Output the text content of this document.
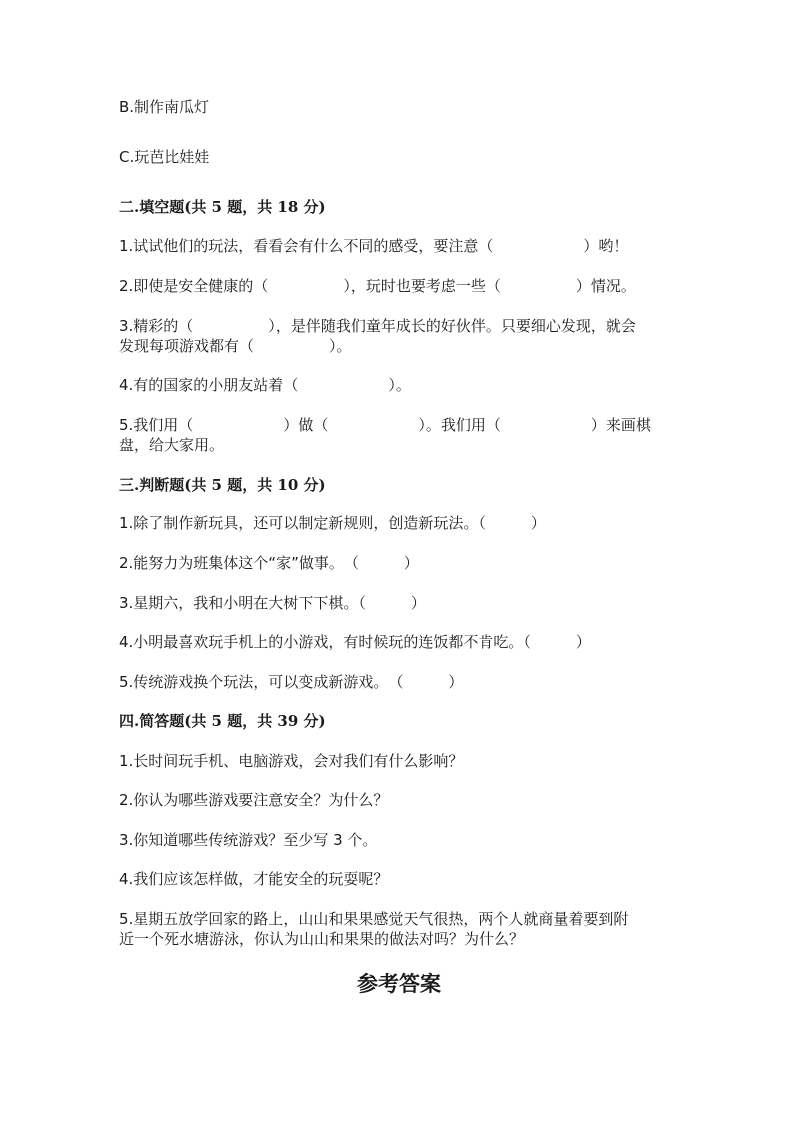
B.制作南瓜灯
C.玩芭比娃娃
二.填空题(共 5 题，共 18 分)
1.试试他们的玩法，看看会有什么不同的感受，要注意（　　　　　　）哟！
2.即使是安全健康的（　　　　　），玩时也要考虑一些（　　　　　）情况。
3.精彩的（　　　　　），是伴随我们童年成长的好伙伴。只要细心发现，就会
发现每项游戏都有（　　　　　）。
4.有的国家的小朋友站着（　　　　　　）。
5.我们用（　　　　　　）做（　　　　　　）。我们用（　　　　　　）来画棋
盘，给大家用。
三.判断题(共 5 题，共 10 分)
1.除了制作新玩具，还可以制定新规则，创造新玩法。（　　　）
2.能努力为班集体这个“家”做事。　（　　　）
3.星期六，我和小明在大树下下棋。（　　　）
4.小明最喜欢玩手机上的小游戏，有时候玩的连饭都不肯吃。（　　　）
5.传统游戏换个玩法，可以变成新游戏。　（　　　）
四.简答题(共 5 题，共 39 分)
1.长时间玩手机、电脑游戏，会对我们有什么影响？
2.你认为哪些游戏要注意安全？为什么？
3.你知道哪些传统游戏？至少写 3 个。
4.我们应该怎样做，才能安全的玩耍呢？
5.星期五放学回家的路上，山山和果果感觉天气很热，两个人就商量着要到附
近一个死水塘游泳，你认为山山和果果的做法对吗？为什么？
参考答案
